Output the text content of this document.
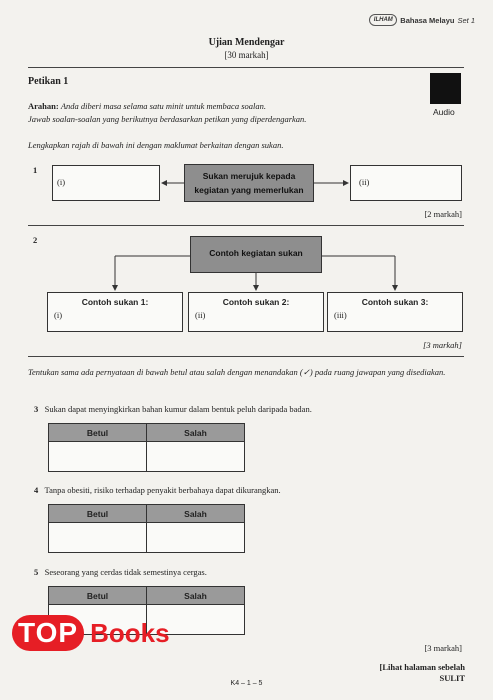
ILHAM	Bahasa Melayu Set 1
Ujian Mendengar
[30 markah]
Petikan 1
Audio
Arahan: Anda diberi masa selama satu minit untuk membaca soalan.
Jawab soalan-soalan yang berikutnya berdasarkan petikan yang diperdengarkan.
Lengkapkan rajah di bawah ini dengan maklumat berkaitan dengan sukan.
1
(i)
Sukan merujuk kepada kegiatan yang memerlukan
(ii)
[2 markah]
2
Contoh kegiatan sukan
Contoh sukan 1:
(i)
Contoh sukan 2:
(ii)
Contoh sukan 3:
(iii)
[3 markah]
Tentukan sama ada pernyataan di bawah betul atau salah dengan menandakan (✓) pada ruang jawapan yang disediakan.
3 Sukan dapat menyingkirkan bahan kumur dalam bentuk peluh daripada badan.
Betul	Salah

4 Tanpa obesiti, risiko terhadap penyakit berbahaya dapat dikurangkan.
Betul	Salah

5 Seseorang yang cerdas tidak semestinya cergas.
Betul	Salah

[3 markah]
[Lihat halaman sebelah
SULIT
K4 – 1 – 5
TOP Books
